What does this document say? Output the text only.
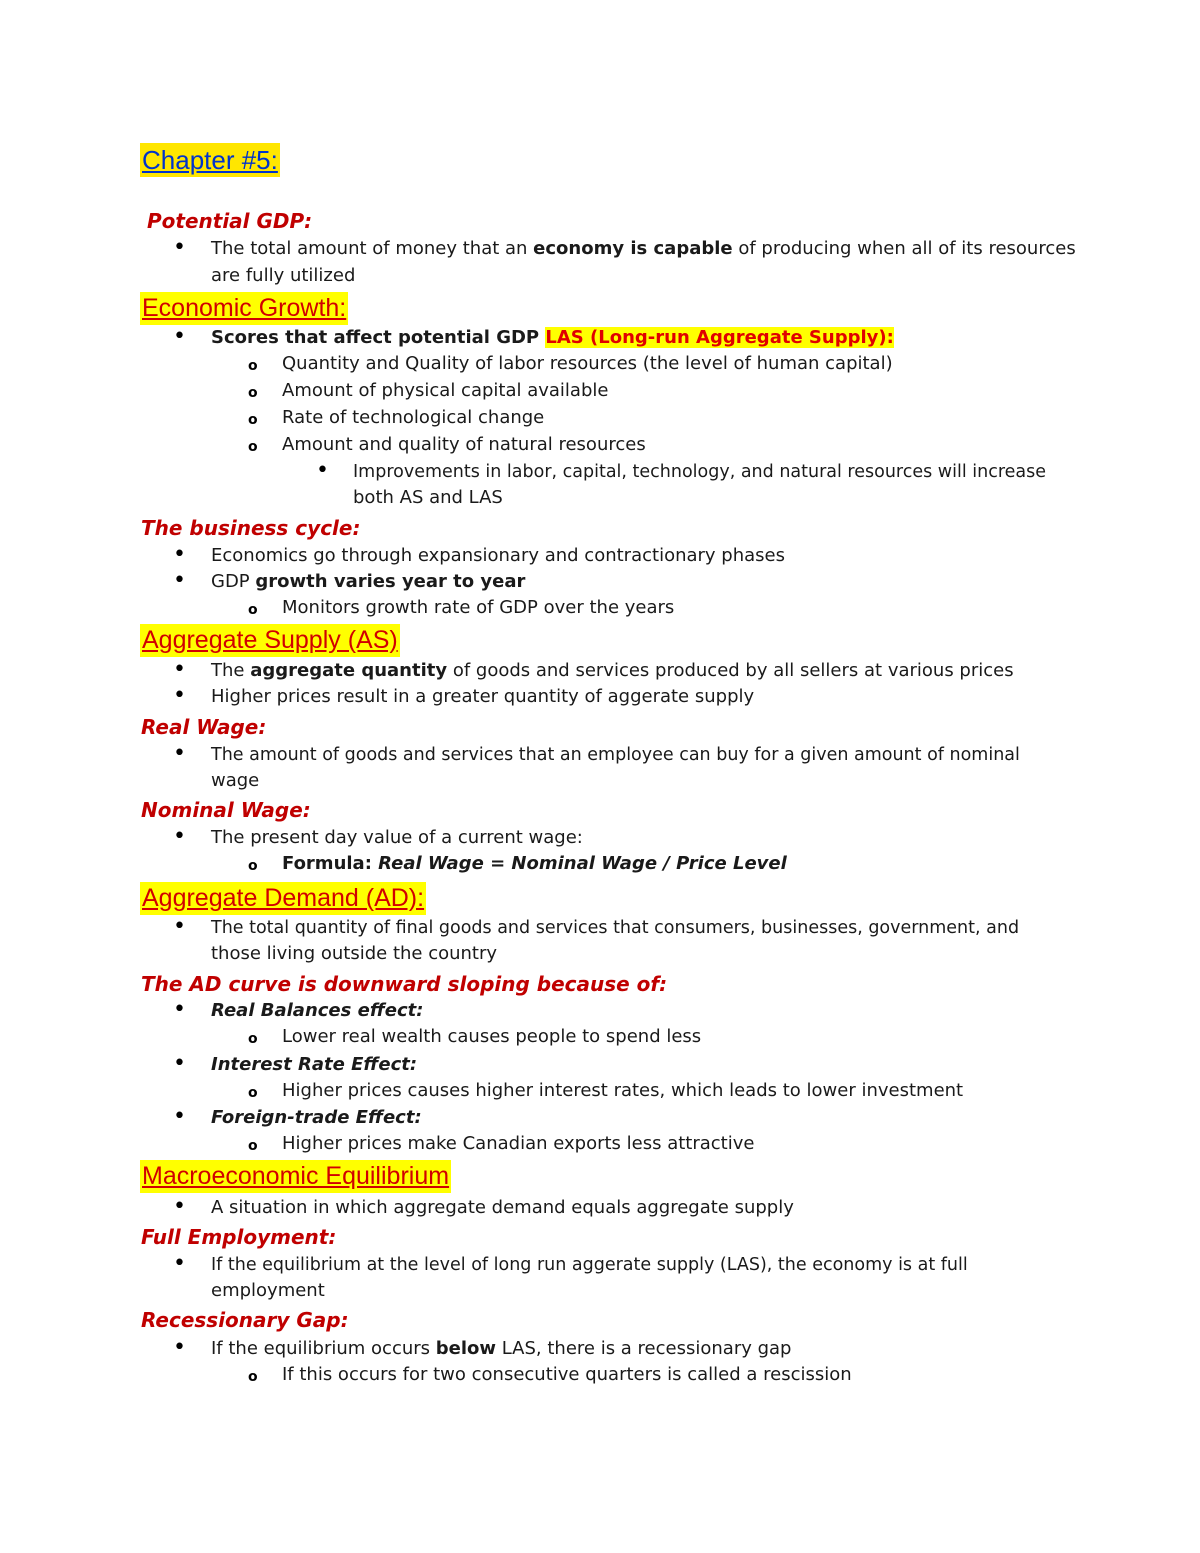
Chapter #5:
Potential GDP:
•
The total amount of money that an economy is capable of producing when all of its resources
are fully utilized
Economic Growth:
•
Scores that affect potential GDP LAS (Long-run Aggregate Supply):
o
Quantity and Quality of labor resources (the level of human capital)
o
Amount of physical capital available
o
Rate of technological change
o
Amount and quality of natural resources
•
Improvements in labor, capital, technology, and natural resources will increase
both AS and LAS
The business cycle:
•
Economics go through expansionary and contractionary phases
•
GDP growth varies year to year
o
Monitors growth rate of GDP over the years
Aggregate Supply (AS)
•
The aggregate quantity of goods and services produced by all sellers at various prices
•
Higher prices result in a greater quantity of aggerate supply
Real Wage:
•
The amount of goods and services that an employee can buy for a given amount of nominal
wage
Nominal Wage:
•
The present day value of a current wage:
o
Formula: Real Wage = Nominal Wage / Price Level
Aggregate Demand (AD):
•
The total quantity of final goods and services that consumers, businesses, government, and
those living outside the country
The AD curve is downward sloping because of:
•
Real Balances effect:
o
Lower real wealth causes people to spend less
•
Interest Rate Effect:
o
Higher prices causes higher interest rates, which leads to lower investment
•
Foreign-trade Effect:
o
Higher prices make Canadian exports less attractive
Macroeconomic Equilibrium
•
A situation in which aggregate demand equals aggregate supply
Full Employment:
•
If the equilibrium at the level of long run aggerate supply (LAS), the economy is at full
employment
Recessionary Gap:
•
If the equilibrium occurs below LAS, there is a recessionary gap
o
If this occurs for two consecutive quarters is called a rescission
